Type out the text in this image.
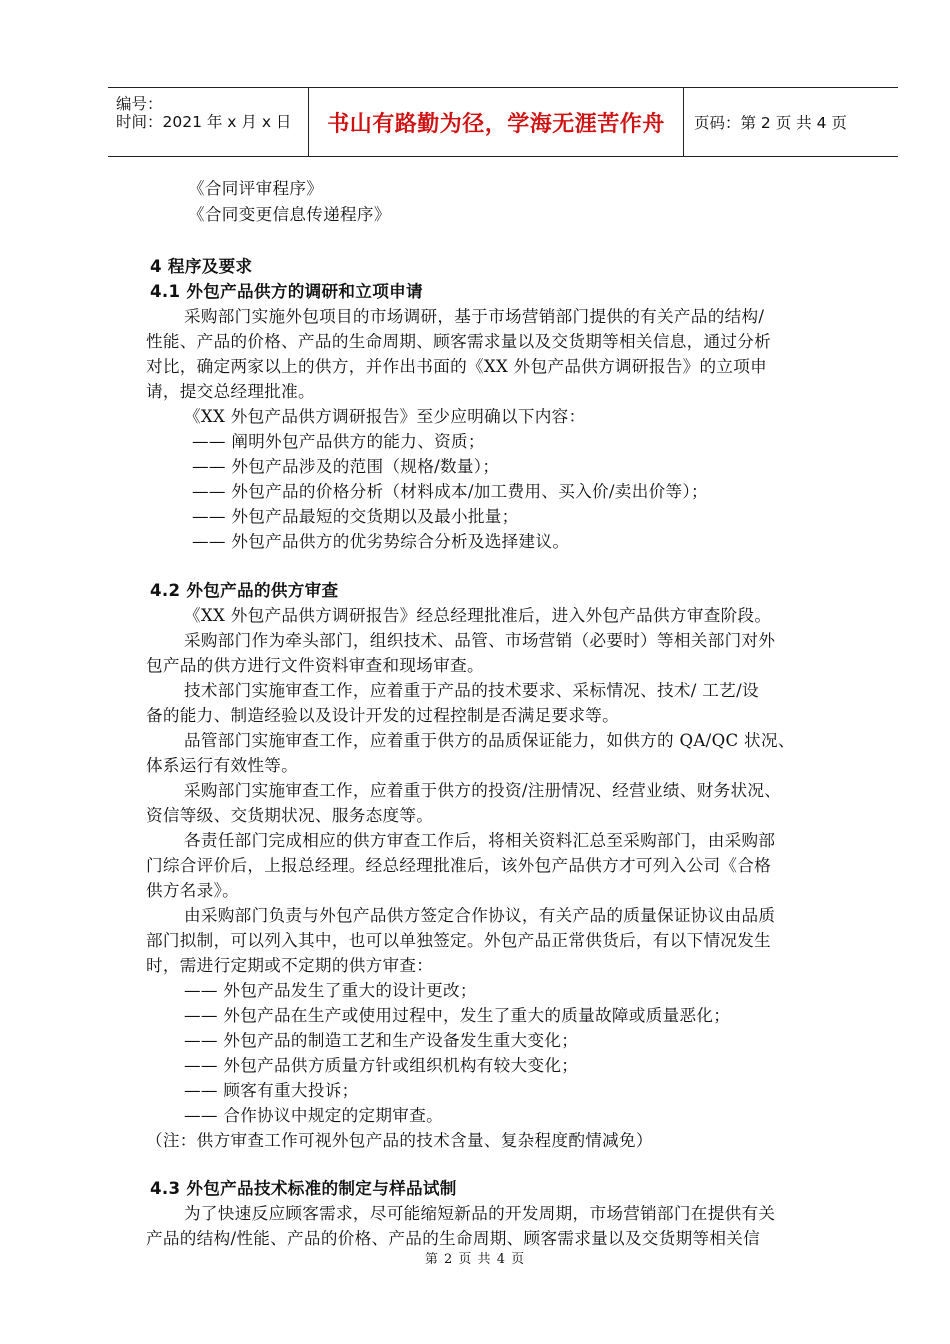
编号：
时间：2021 年 x 月 x 日 书山有路勤为径，学海无涯苦作舟	页码：第 2 页 共 4 页
《合同评审程序》
《合同变更信息传递程序》
4 程序及要求
4.1 外包产品供方的调研和立项申请
采购部门实施外包项目的市场调研，基于市场营销部门提供的有关产品的结构/
性能、产品的价格、产品的生命周期、顾客需求量以及交货期等相关信息，通过分析
对比，确定两家以上的供方，并作出书面的《XX 外包产品供方调研报告》的立项申
请，提交总经理批准。
《XX 外包产品供方调研报告》至少应明确以下内容：
—— 阐明外包产品供方的能力、资质；
—— 外包产品涉及的范围（规格/数量）；
—— 外包产品的价格分析（材料成本/加工费用、买入价/卖出价等）；
—— 外包产品最短的交货期以及最小批量；
—— 外包产品供方的优劣势综合分析及选择建议。
4.2 外包产品的供方审查
《XX 外包产品供方调研报告》经总经理批准后，进入外包产品供方审查阶段。
采购部门作为牵头部门，组织技术、品管、市场营销（必要时）等相关部门对外
包产品的供方进行文件资料审查和现场审查。
技术部门实施审查工作，应着重于产品的技术要求、采标情况、技术/ 工艺/设
备的能力、制造经验以及设计开发的过程控制是否满足要求等。
品管部门实施审查工作，应着重于供方的品质保证能力，如供方的 QA/QC 状况、
体系运行有效性等。
采购部门实施审查工作，应着重于供方的投资/注册情况、经营业绩、财务状况、
资信等级、交货期状况、服务态度等。
各责任部门完成相应的供方审查工作后，将相关资料汇总至采购部门，由采购部
门综合评价后，上报总经理。经总经理批准后，该外包产品供方才可列入公司《合格
供方名录》。
由采购部门负责与外包产品供方签定合作协议，有关产品的质量保证协议由品质
部门拟制，可以列入其中，也可以单独签定。外包产品正常供货后，有以下情况发生
时，需进行定期或不定期的供方审查：
—— 外包产品发生了重大的设计更改；
—— 外包产品在生产或使用过程中，发生了重大的质量故障或质量恶化；
—— 外包产品的制造工艺和生产设备发生重大变化；
—— 外包产品供方质量方针或组织机构有较大变化；
—— 顾客有重大投诉；
—— 合作协议中规定的定期审查。
（注：供方审查工作可视外包产品的技术含量、复杂程度酌情减免）
4.3 外包产品技术标准的制定与样品试制
为了快速反应顾客需求，尽可能缩短新品的开发周期，市场营销部门在提供有关
产品的结构/性能、产品的价格、产品的生命周期、顾客需求量以及交货期等相关信
第 2 页 共 4 页
